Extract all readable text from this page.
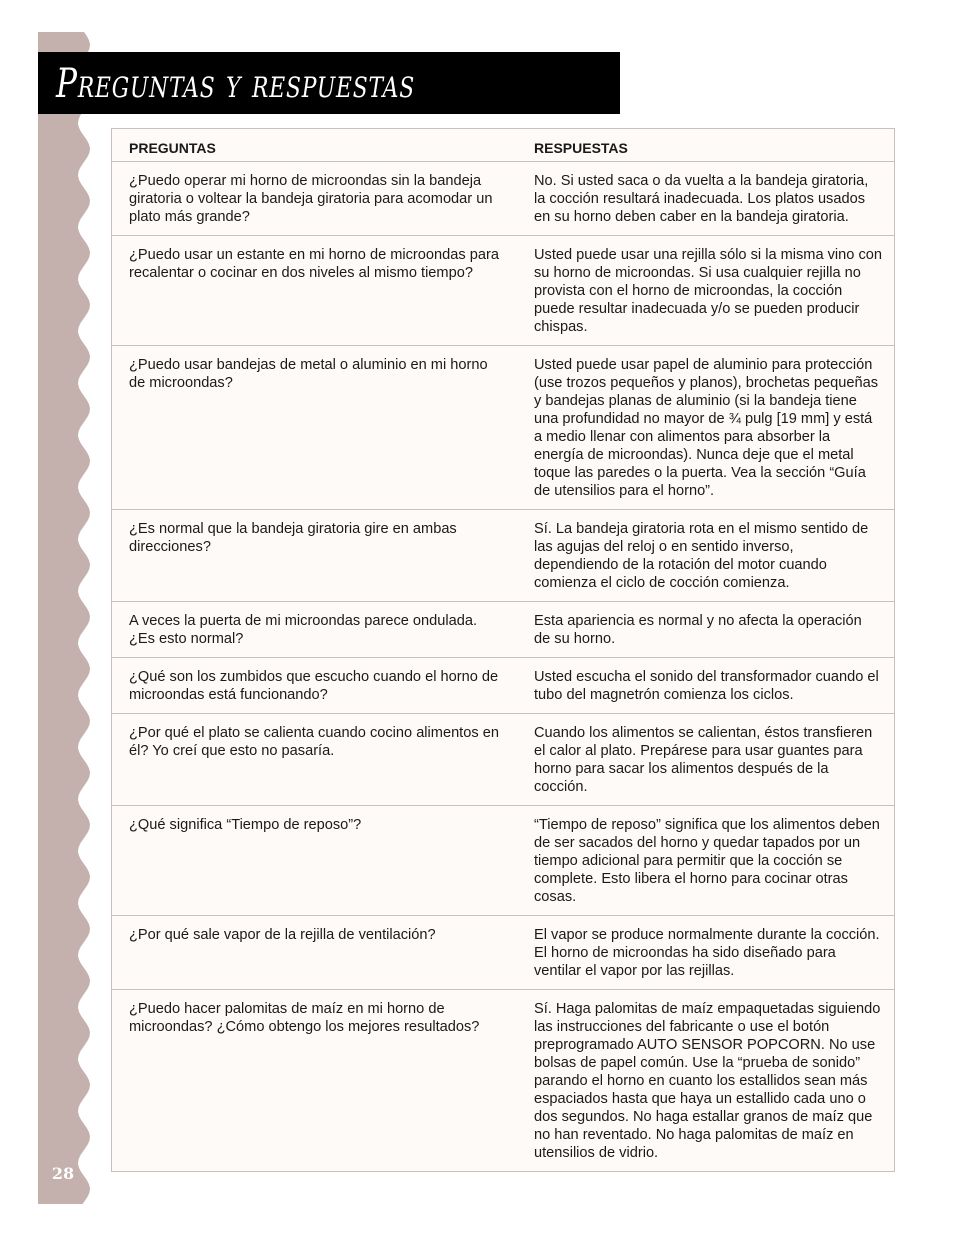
28
Preguntas y respuestas
PREGUNTAS	RESPUESTAS
¿Puedo operar mi horno de microondas sin la bandeja giratoria o voltear la bandeja giratoria para acomodar un plato más grande?	No. Si usted saca o da vuelta a la bandeja giratoria, la cocción resultará inadecuada. Los platos usados en su horno deben caber en la bandeja giratoria.
¿Puedo usar un estante en mi horno de microondas para recalentar o cocinar en dos niveles al mismo tiempo?	Usted puede usar una rejilla sólo si la misma vino con su horno de microondas. Si usa cualquier rejilla no provista con el horno de microondas, la cocción puede resultar inadecuada y/o se pueden producir chispas.
¿Puedo usar bandejas de metal o aluminio en mi horno de microondas?	Usted puede usar papel de aluminio para protección (use trozos pequeños y planos), brochetas pequeñas y bandejas planas de aluminio (si la bandeja tiene una profundidad no mayor de ¾ pulg [19 mm] y está a medio llenar con alimentos para absorber la energía de microondas). Nunca deje que el metal toque las paredes o la puerta. Vea la sección “Guía de utensilios para el horno”.
¿Es normal que la bandeja giratoria gire en ambas direcciones?	Sí. La bandeja giratoria rota en el mismo sentido de las agujas del reloj o en sentido inverso, dependiendo de la rotación del motor cuando comienza el ciclo de cocción comienza.
A veces la puerta de mi microondas parece ondulada. ¿Es esto normal?	Esta apariencia es normal y no afecta la operación de su horno.
¿Qué son los zumbidos que escucho cuando el horno de microondas está funcionando?	Usted escucha el sonido del transformador cuando el tubo del magnetrón comienza los ciclos.
¿Por qué el plato se calienta cuando cocino alimentos en él? Yo creí que esto no pasaría.	Cuando los alimentos se calientan, éstos transfieren el calor al plato. Prepárese para usar guantes para horno para sacar los alimentos después de la cocción.
¿Qué significa “Tiempo de reposo”?	“Tiempo de reposo” significa que los alimentos deben de ser sacados del horno y quedar tapados por un tiempo adicional para permitir que la cocción se complete. Esto libera el horno para cocinar otras cosas.
¿Por qué sale vapor de la rejilla de ventilación?	El vapor se produce normalmente durante la cocción. El horno de microondas ha sido diseñado para ventilar el vapor por las rejillas.
¿Puedo hacer palomitas de maíz en mi horno de microondas? ¿Cómo obtengo los mejores resultados?	Sí. Haga palomitas de maíz empaquetadas siguiendo las instrucciones del fabricante o use el botón preprogramado AUTO SENSOR POPCORN. No use bolsas de papel común. Use la “prueba de sonido” parando el horno en cuanto los estallidos sean más espaciados hasta que haya un estallido cada uno o dos segundos. No haga estallar granos de maíz que no han reventado. No haga palomitas de maíz en utensilios de vidrio.
